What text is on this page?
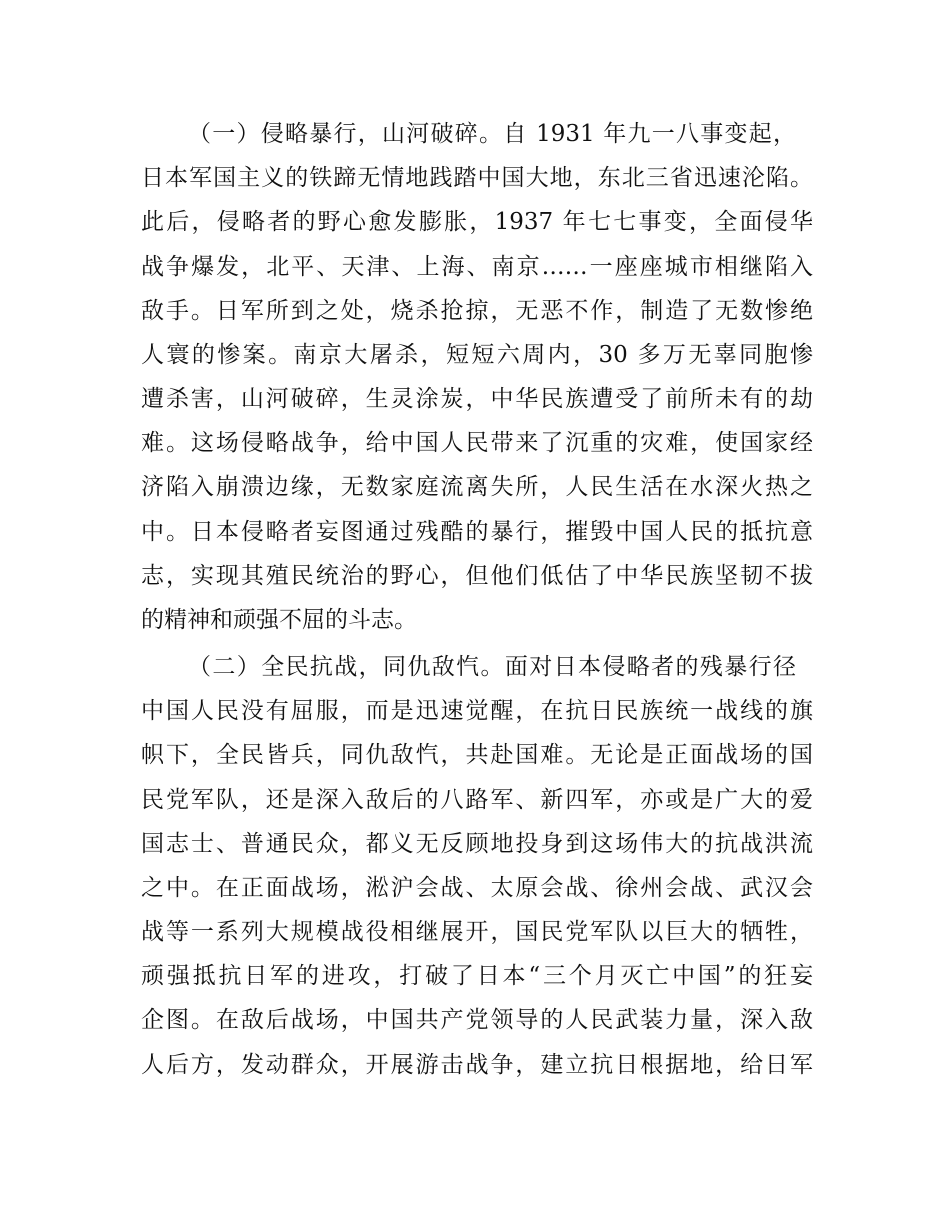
（一）侵略暴行，山河破碎。自 1931 年九一八事变起，
日本军国主义的铁蹄无情地践踏中国大地，东北三省迅速沦陷。
此后，侵略者的野心愈发膨胀，1937 年七七事变，全面侵华
战争爆发，北平、天津、上海、南京……一座座城市相继陷入
敌手。日军所到之处，烧杀抢掠，无恶不作，制造了无数惨绝
人寰的惨案。南京大屠杀，短短六周内，30 多万无辜同胞惨
遭杀害，山河破碎，生灵涂炭，中华民族遭受了前所未有的劫
难。这场侵略战争，给中国人民带来了沉重的灾难，使国家经
济陷入崩溃边缘，无数家庭流离失所，人民生活在水深火热之
中。日本侵略者妄图通过残酷的暴行，摧毁中国人民的抵抗意
志，实现其殖民统治的野心，但他们低估了中华民族坚韧不拔
的精神和顽强不屈的斗志。
（二）全民抗战，同仇敌忾。面对日本侵略者的残暴行径
中国人民没有屈服，而是迅速觉醒，在抗日民族统一战线的旗
帜下，全民皆兵，同仇敌忾，共赴国难。无论是正面战场的国
民党军队，还是深入敌后的八路军、新四军，亦或是广大的爱
国志士、普通民众，都义无反顾地投身到这场伟大的抗战洪流
之中。在正面战场，淞沪会战、太原会战、徐州会战、武汉会
战等一系列大规模战役相继展开，国民党军队以巨大的牺牲，
顽强抵抗日军的进攻，打破了日本“三个月灭亡中国”的狂妄
企图。在敌后战场，中国共产党领导的人民武装力量，深入敌
人后方，发动群众，开展游击战争，建立抗日根据地，给日军
